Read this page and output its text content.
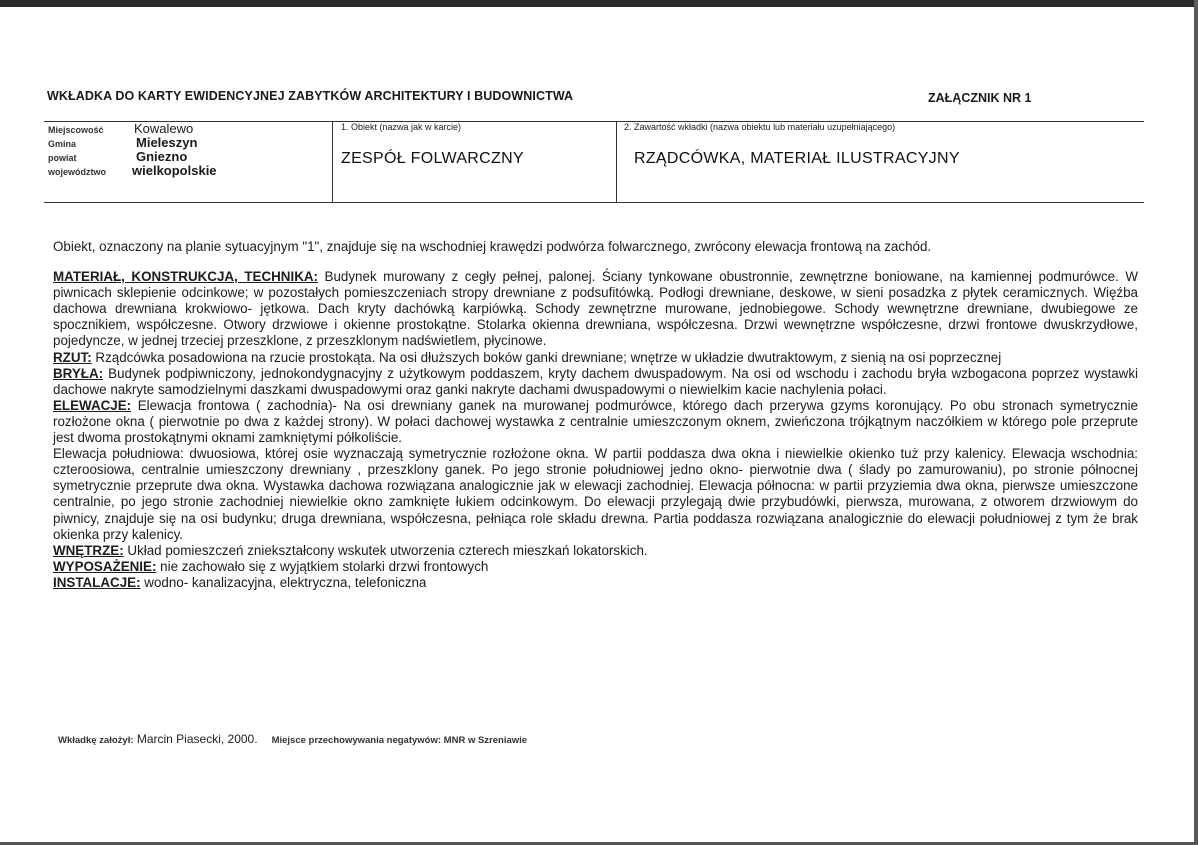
WKŁADKA DO KARTY EWIDENCYJNEJ ZABYTKÓW ARCHITEKTURY I BUDOWNICTWA	ZAŁĄCZNIK NR 1
Miejscowość Kowalewo
Gmina	Mieleszyn
powiat	Gniezno
województwo wielkopolskie
1. Obiekt (nazwa jak w karcie)
ZESPÓŁ FOLWARCZNY
2. Zawartość wkładki (nazwa obiektu lub materiału uzupełniającego)
RZĄDCÓWKA, MATERIAŁ ILUSTRACYJNY

Obiekt, oznaczony na planie sytuacyjnym "1", znajduje się na wschodniej krawędzi podwórza folwarcznego, zwrócony elewacja frontową na zachód.

MATERIAŁ, KONSTRUKCJA, TECHNIKA: Budynek murowany z cegły pełnej, palonej. Ściany tynkowane obustronnie, zewnętrzne boniowane, na kamiennej podmurówce. W piwnicach sklepienie odcinkowe; w pozostałych pomieszczeniach stropy drewniane z podsufitówką. Podłogi drewniane, deskowe, w sieni posadzka z płytek ceramicznych. Więźba dachowa drewniana krokwiowo- jętkowa. Dach kryty dachówką karpiówką. Schody zewnętrzne murowane, jednobiegowe. Schody wewnętrzne drewniane, dwubiegowe ze spocznikiem, współczesne. Otwory drzwiowe i okienne prostokątne. Stolarka okienna drewniana, współczesna. Drzwi wewnętrzne współczesne, drzwi frontowe dwuskrzydłowe, pojedyncze, w jednej trzeciej przeszklone, z przeszklonym nadświetlem, płycinowe.

RZUT: Rządcówka posadowiona na rzucie prostokąta. Na osi dłuższych boków ganki drewniane; wnętrze w układzie dwutraktowym, z sienią na osi poprzecznej

BRYŁA: Budynek podpiwniczony, jednokondygnacyjny z użytkowym poddaszem, kryty dachem dwuspadowym. Na osi od wschodu i zachodu bryła wzbogacona poprzez wystawki dachowe nakryte samodzielnymi daszkami dwuspadowymi oraz ganki nakryte dachami dwuspadowymi o niewielkim kacie nachylenia połaci.

ELEWACJE: Elewacja frontowa ( zachodnia)- Na osi drewniany ganek na murowanej podmurówce, którego dach przerywa gzyms koronujący. Po obu stronach symetrycznie rozłożone okna ( pierwotnie po dwa z każdej strony). W połaci dachowej wystawka z centralnie umieszczonym oknem, zwieńczona trójkątnym naczółkiem w którego pole przeprute jest dwoma prostokątnymi oknami zamkniętymi półkoliście.

Elewacja południowa: dwuosiowa, której osie wyznaczają symetrycznie rozłożone okna. W partii poddasza dwa okna i niewielkie okienko tuż przy kalenicy. Elewacja wschodnia: czteroosiowa, centralnie umieszczony drewniany , przeszklony ganek. Po jego stronie południowej jedno okno- pierwotnie dwa ( ślady po zamurowaniu), po stronie północnej symetrycznie przeprute dwa okna. Wystawka dachowa rozwiązana analogicznie jak w elewacji zachodniej. Elewacja północna: w partii przyziemia dwa okna, pierwsze umieszczone centralnie, po jego stronie zachodniej niewielkie okno zamknięte łukiem odcinkowym. Do elewacji przylegają dwie przybudówki, pierwsza, murowana, z otworem drzwiowym do piwnicy, znajduje się na osi budynku; druga drewniana, współczesna, pełniąca role składu drewna. Partia poddasza rozwiązana analogicznie do elewacji południowej z tym że brak okienka przy kalenicy.

WNĘTRZE: Układ pomieszczeń zniekształcony wskutek utworzenia czterech mieszkań lokatorskich.

WYPOSAŻENIE: nie zachowało się z wyjątkiem stolarki drzwi frontowych

INSTALACJE: wodno- kanalizacyjna, elektryczna, telefoniczna

Wkładkę założył: Marcin Piasecki, 2000. Miejsce przechowywania negatywów: MNR w Szreniawie
